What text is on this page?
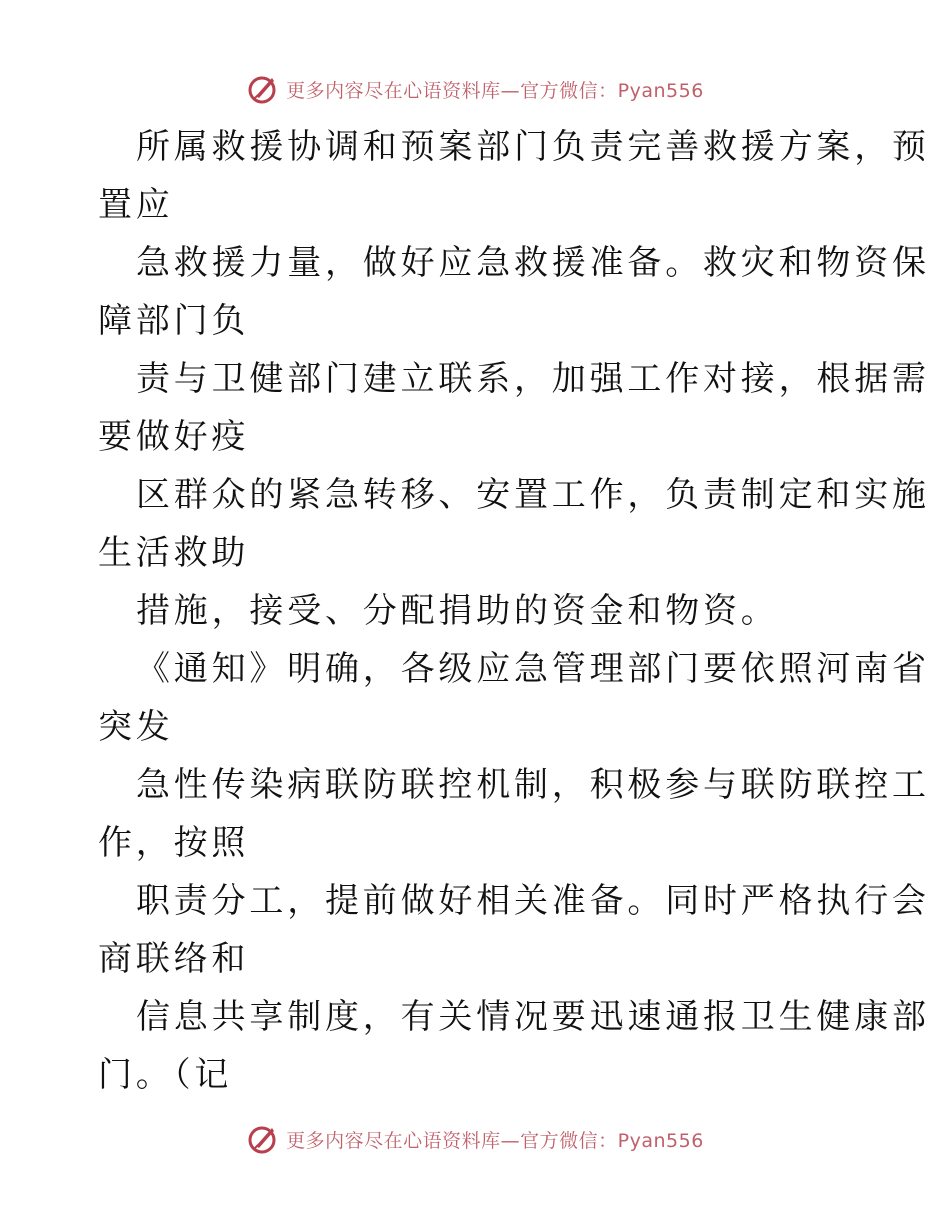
更多内容尽在心语资料库—官方微信：Pyan556
所属救援协调和预案部门负责完善救援方案，预
置应
急救援力量，做好应急救援准备。救灾和物资保
障部门负
责与卫健部门建立联系，加强工作对接，根据需
要做好疫
区群众的紧急转移、安置工作，负责制定和实施
生活救助
措施，接受、分配捐助的资金和物资。
《通知》明确，各级应急管理部门要依照河南省
突发
急性传染病联防联控机制，积极参与联防联控工
作，按照
职责分工，提前做好相关准备。同时严格执行会
商联络和
信息共享制度，有关情况要迅速通报卫生健康部
门。（记
更多内容尽在心语资料库—官方微信：Pyan556
